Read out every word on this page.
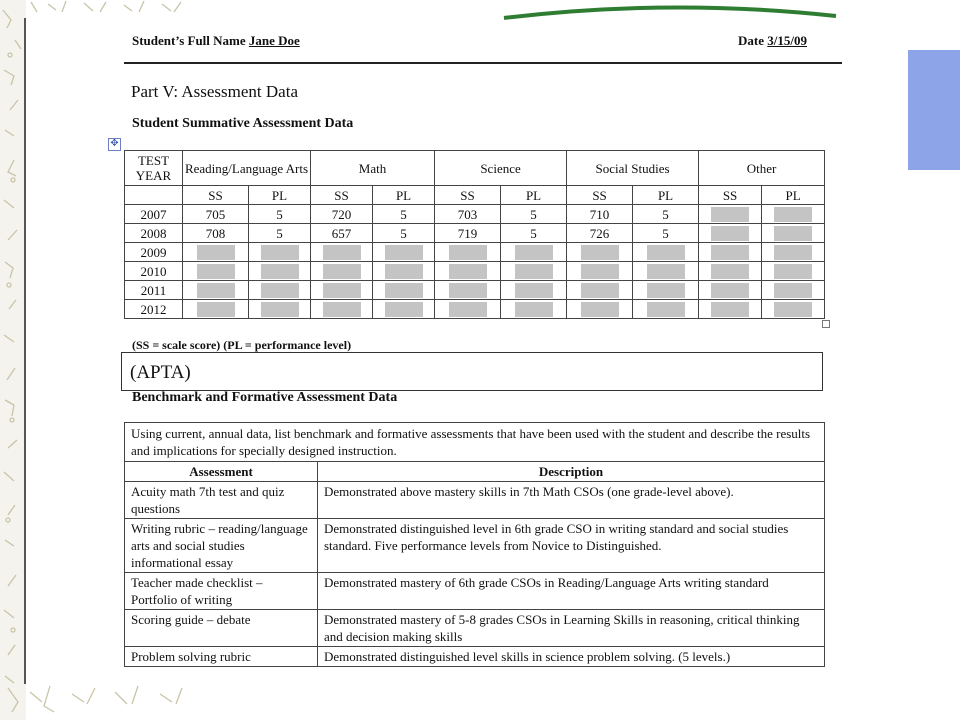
Student’s Full Name Jane Doe	Date 3/15/09
Part V: Assessment Data
Student Summative Assessment Data
✥
TEST YEAR	Reading/Language Arts		Math		Science		Social Studies		Other	
	SS	PL	SS	PL	SS	PL	SS	PL	SS	PL
2007	705	5	720	5	703	5	710	5	

2008	708	5	657	5	719	5	726	5	

2009	

2010	

2011	

2012	

(SS = scale score) (PL = performance level)
(APTA)
Benchmark and Formative Assessment Data
Using current, annual data, list benchmark and formative assessments that have been used with the student and describe the results and implications for specially designed instruction.	
Assessment	Description
Acuity math 7th test and quiz questions	Demonstrated above mastery skills in 7th Math CSOs (one grade-level above).
Writing rubric – reading/language arts and social studies informational essay	Demonstrated distinguished level in 6th grade CSO in writing standard and social studies standard. Five performance levels from Novice to Distinguished.
Teacher made checklist – Portfolio of writing	Demonstrated mastery of 6th grade CSOs in Reading/Language Arts writing standard
Scoring guide – debate	Demonstrated mastery of 5-8 grades CSOs in Learning Skills in reasoning, critical thinking and decision making skills
Problem solving rubric	Demonstrated distinguished level skills in science problem solving. (5 levels.)
